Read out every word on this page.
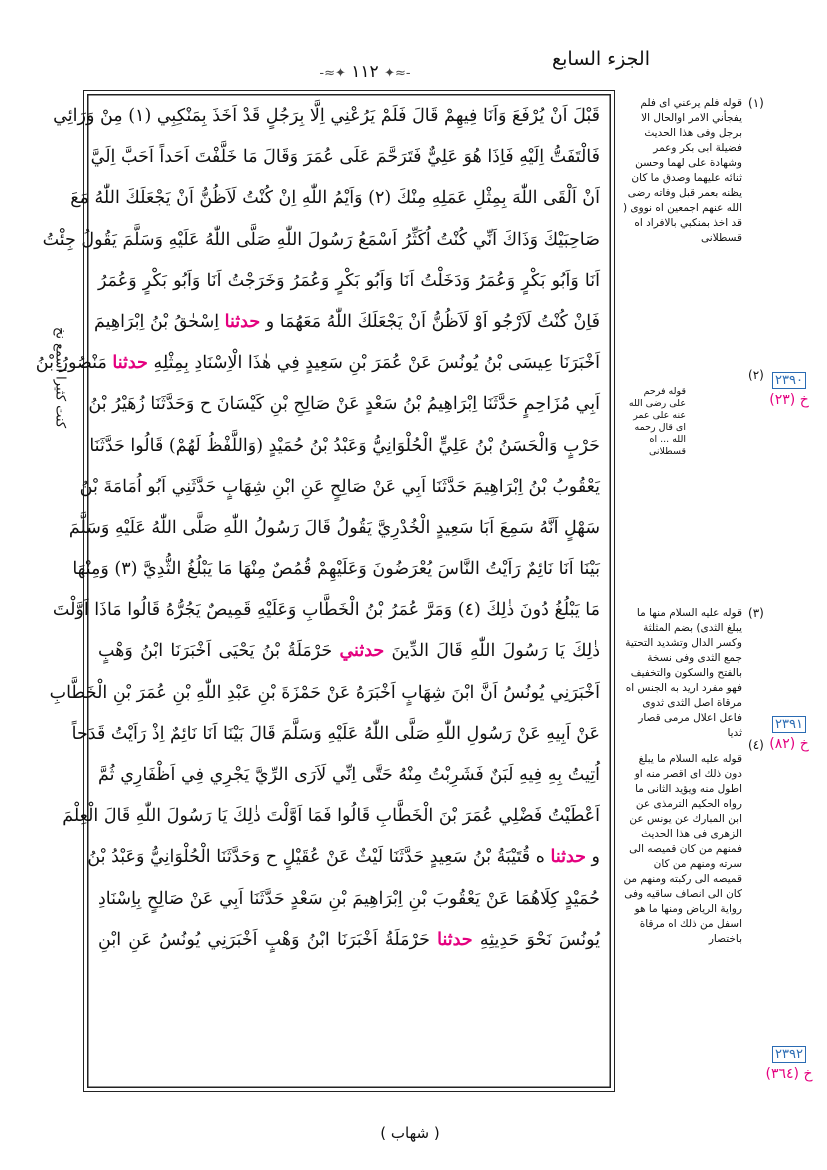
الجزء السابع
-≈✦ ١١٢ ✦≈-
قَبْلَ اَنْ يُرْفَعَ وَاَنَا فِيهِمْ قَالَ فَلَمْ يَرُعْنِي اِلَّا بِرَجُلٍ قَدْ اَخَذَ بِمَنْكِبِي (١) مِنْ وَرَائِي
فَالْتَفَتُّ اِلَيْهِ فَاِذَا هُوَ عَلِيٌّ فَتَرَحَّمَ عَلَى عُمَرَ وَقَالَ مَا خَلَّفْتَ اَحَداً اَحَبَّ اِلَيَّ
اَنْ اَلْقَى اللّٰهَ بِمِثْلِ عَمَلِهِ مِنْكَ (٢) وَاَيْمُ اللّٰهِ اِنْ كُنْتُ لَاَظُنُّ اَنْ يَجْعَلَكَ اللّٰهُ مَعَ
صَاحِبَيْكَ وَذَاكَ اَنِّي كُنْتُ اُكَثِّرُ اَسْمَعُ رَسُولَ اللّٰهِ صَلَّى اللّٰهُ عَلَيْهِ وَسَلَّمَ يَقُولُ جِئْتُ
اَنَا وَاَبُو بَكْرٍ وَعُمَرُ وَدَخَلْتُ اَنَا وَاَبُو بَكْرٍ وَعُمَرُ وَخَرَجْتُ اَنَا وَاَبُو بَكْرٍ وَعُمَرُ
فَاِنْ كُنْتُ لَاَرْجُو اَوْ لَاَظُنُّ اَنْ يَجْعَلَكَ اللّٰهُ مَعَهُمَا و حدثنا اِسْحٰقُ بْنُ اِبْرَاهِيمَ
اَخْبَرَنَا عِيسَى بْنُ يُونُسَ عَنْ عُمَرَ بْنِ سَعِيدٍ فِي هٰذَا الْاِسْنَادِ بِمِثْلِهِ حدثنا مَنْصُورُ بْنُ
اَبِي مُزَاحِمٍ حَدَّثَنَا اِبْرَاهِيمُ بْنُ سَعْدٍ عَنْ صَالِحِ بْنِ كَيْسَانَ ح وَحَدَّثَنَا زُهَيْرُ بْنُ
حَرْبٍ وَالْحَسَنُ بْنُ عَلِيٍّ الْحُلْوَانِيُّ وَعَبْدُ بْنُ حُمَيْدٍ (وَاللَّفْظُ لَهُمْ) قَالُوا حَدَّثَنَا
يَعْقُوبُ بْنُ اِبْرَاهِيمَ حَدَّثَنَا اَبِي عَنْ صَالِحٍ عَنِ ابْنِ شِهَابٍ حَدَّثَنِي اَبُو اُمَامَةَ بْنُ
سَهْلٍ اَنَّهُ سَمِعَ اَبَا سَعِيدٍ الْخُدْرِيَّ يَقُولُ قَالَ رَسُولُ اللّٰهِ صَلَّى اللّٰهُ عَلَيْهِ وَسَلَّمَ
بَيْنَا اَنَا نَائِمٌ رَاَيْتُ النَّاسَ يُعْرَضُونَ وَعَلَيْهِمْ قُمُصٌ مِنْهَا مَا يَبْلُغُ الثُّدِيَّ (٣) وَمِنْهَا
مَا يَبْلُغُ دُونَ ذٰلِكَ (٤) وَمَرَّ عُمَرُ بْنُ الْخَطَّابِ وَعَلَيْهِ قَمِيصٌ يَجُرُّهُ قَالُوا مَاذَا اَوَّلْتَ
ذٰلِكَ يَا رَسُولَ اللّٰهِ قَالَ الدِّينَ حدثني حَرْمَلَةُ بْنُ يَحْيَى اَخْبَرَنَا ابْنُ وَهْبٍ
اَخْبَرَنِي يُونُسُ اَنَّ ابْنَ شِهَابٍ اَخْبَرَهُ عَنْ حَمْزَةَ بْنِ عَبْدِ اللّٰهِ بْنِ عُمَرَ بْنِ الْخَطَّابِ
عَنْ اَبِيهِ عَنْ رَسُولِ اللّٰهِ صَلَّى اللّٰهُ عَلَيْهِ وَسَلَّمَ قَالَ بَيْنَا اَنَا نَائِمٌ اِذْ رَاَيْتُ قَدَحاً
اُتِيتُ بِهِ فِيهِ لَبَنٌ فَشَرِبْتُ مِنْهُ حَتَّى اِنِّي لَاَرَى الرِّيَّ يَجْرِي فِي اَظْفَارِي ثُمَّ
اَعْطَيْتُ فَضْلِي عُمَرَ بْنَ الْخَطَّابِ قَالُوا فَمَا اَوَّلْتَ ذٰلِكَ يَا رَسُولَ اللّٰهِ قَالَ الْعِلْمَ
و حدثنا ه قُتَيْبَةُ بْنُ سَعِيدٍ حَدَّثَنَا لَيْثٌ عَنْ عُقَيْلٍ ح وَحَدَّثَنَا الْحُلْوَانِيُّ وَعَبْدُ بْنُ
حُمَيْدٍ كِلَاهُمَا عَنْ يَعْقُوبَ بْنِ اِبْرَاهِيمَ بْنِ سَعْدٍ حَدَّثَنَا اَبِي عَنْ صَالِحٍ بِاِسْنَادِ
يُونُسَ نَحْوَ حَدِيثِهِ حدثنا حَرْمَلَةُ اَخْبَرَنَا ابْنُ وَهْبٍ اَخْبَرَنِي يُونُسُ عَنِ ابْنِ
( شهاب )
كنت كثيرا اسمع نخ
(١)
قوله فلم يرعني اى فلم يفجأني الامر اوالحال الا برجل وفى هذا الحديث فضيلة ابى بكر وعمر وشهادة على لهما وحسن ثنائه عليهما وصدق ما كان يظنه بعمر قبل وفاته رضى الله عنهم اجمعين اه نووى ( قد اخذ بمنكبي بالافراد اه قسطلانى
(٢)
قوله فرحم على رضى الله عنه على عمر اى قال رحمه الله ... اه قسطلانى
(٣)
قوله عليه السلام منها ما يبلغ الثدى) بضم المثلثة وكسر الدال وتشديد التحتية جمع الثدى وفى نسخة بالفتح والسكون والتخفيف فهو مفرد اريد به الجنس اه مرقاة اصل الثدى ثدوى فاعل اعلال مرمى قصار ثديا
(٤)
قوله عليه السلام ما يبلغ دون ذلك اى اقصر منه او اطول منه ويؤيد الثانى ما رواه الحكيم الترمذى عن ابن المبارك عن يونس عن الزهرى فى هذا الحديث فمنهم من كان قميصه الى سرته ومنهم من كان قميصه الى ركبته ومنهم من كان الى انصاف ساقيه وفى رواية الرياض ومنها ما هو اسفل من ذلك اه مرقاة باختصار
٢٣٩٠
خ (٢٣)
٢٣٩١
خ (٨٢)
٢٣٩٢
خ (٣٦٤)
